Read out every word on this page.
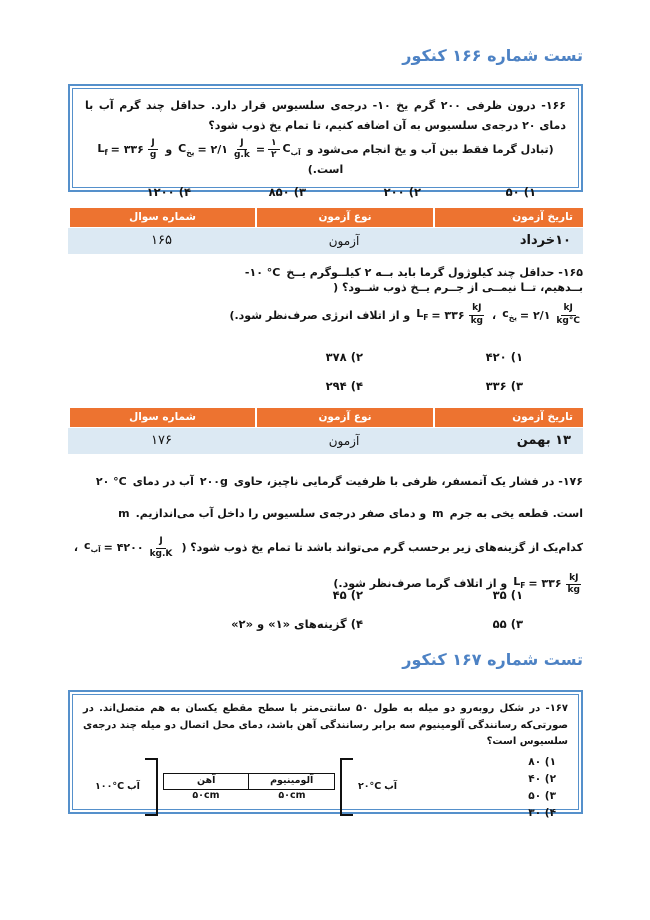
تست شماره ۱۶۶ کنکور

۱۶۶- درون ظرفی ۲۰۰ گرم یخ ۱۰- درجه‌ی سلسیوس قرار دارد. حداقل چند گرم آب با دمای ۲۰ درجه‌ی سلسیوس به آن اضافه کنیم، تا تمام یخ ذوب شود؟

(تبادل گرما فقط بین آب و یخ انجام می‌شود و
$C_{یخ}$ = ۲/۱ $\frac{J}{g.k} = \frac{۱}{۲} C_{آب}$
و
$L_f$ = ۳۳۶ $\frac{J}{g}$
است.)
۱) ۵۰
۲) ۲۰۰
۳) ۸۵۰
۴) ۱۲۰۰
تاریخ آزمون
نوع آزمون
شماره سوال
۱۰خرداد
آزمون
۱۶۵
۱۶۵- حداقل چند کیلوژول گرما باید بــه ۲ کیلــوگرم یــخ
-۱۰ °C
بــدهیم، تــا نیمــی از جــرم یــخ ذوب شــود؟ (
$c_{یخ}$ = ۲/۱ $\frac{kJ}{kg^\circ C}$
،
$L_F$ = ۳۳۶ $\frac{kJ}{kg}$
و از اتلاف انرژی صرف‌نظر شود.)
۱) ۴۲۰
۲) ۳۷۸
۳) ۳۳۶
۴) ۲۹۴
تاریخ آزمون
نوع آزمون
شماره سوال
۱۳ بهمن
آزمون
۱۷۶
۱۷۶- در فشار یک آتمسفر، ظرفی با ظرفیت گرمایی ناچیز، حاوی
۲۰۰g
آب در دمای
۲۰ °C
است. قطعه یخی به جرم
m
و دمای صفر درجه‌ی سلسیوس را داخل آب می‌اندازیم.
m
کدام‌یک از گزینه‌های زیر برحسب گرم می‌تواند باشد تا تمام یخ ذوب شود؟ (
$c_{آب}$ = ۴۲۰۰ $\frac{J}{kg.K}$
،
$L_F$ = ۳۳۶ $\frac{kJ}{kg}$
و از اتلاف گرما صرف‌نظر شود.)
۱) ۳۵
۲) ۴۵
۳) ۵۵
۴) گزینه‌های «۱» و «۲»
تست شماره ۱۶۷ کنکور

۱۶۷- در شکل روبه‌رو دو میله به طول ۵۰ سانتی‌متر با سطح مقطع یکسان به هم متصل‌اند. در صورتی‌که رسانندگی آلومینیوم سه برابر رسانندگی آهن باشد، دمای محل اتصال دو میله چند درجه‌ی سلسیوس است؟

۱) ۸۰
۲) ۴۰
۳) ۵۰
۴) ۳۰
آب
۱۰۰°C
آهن	آلومینیوم
۵۰cm	۵۰cm
آب
۲۰°C
